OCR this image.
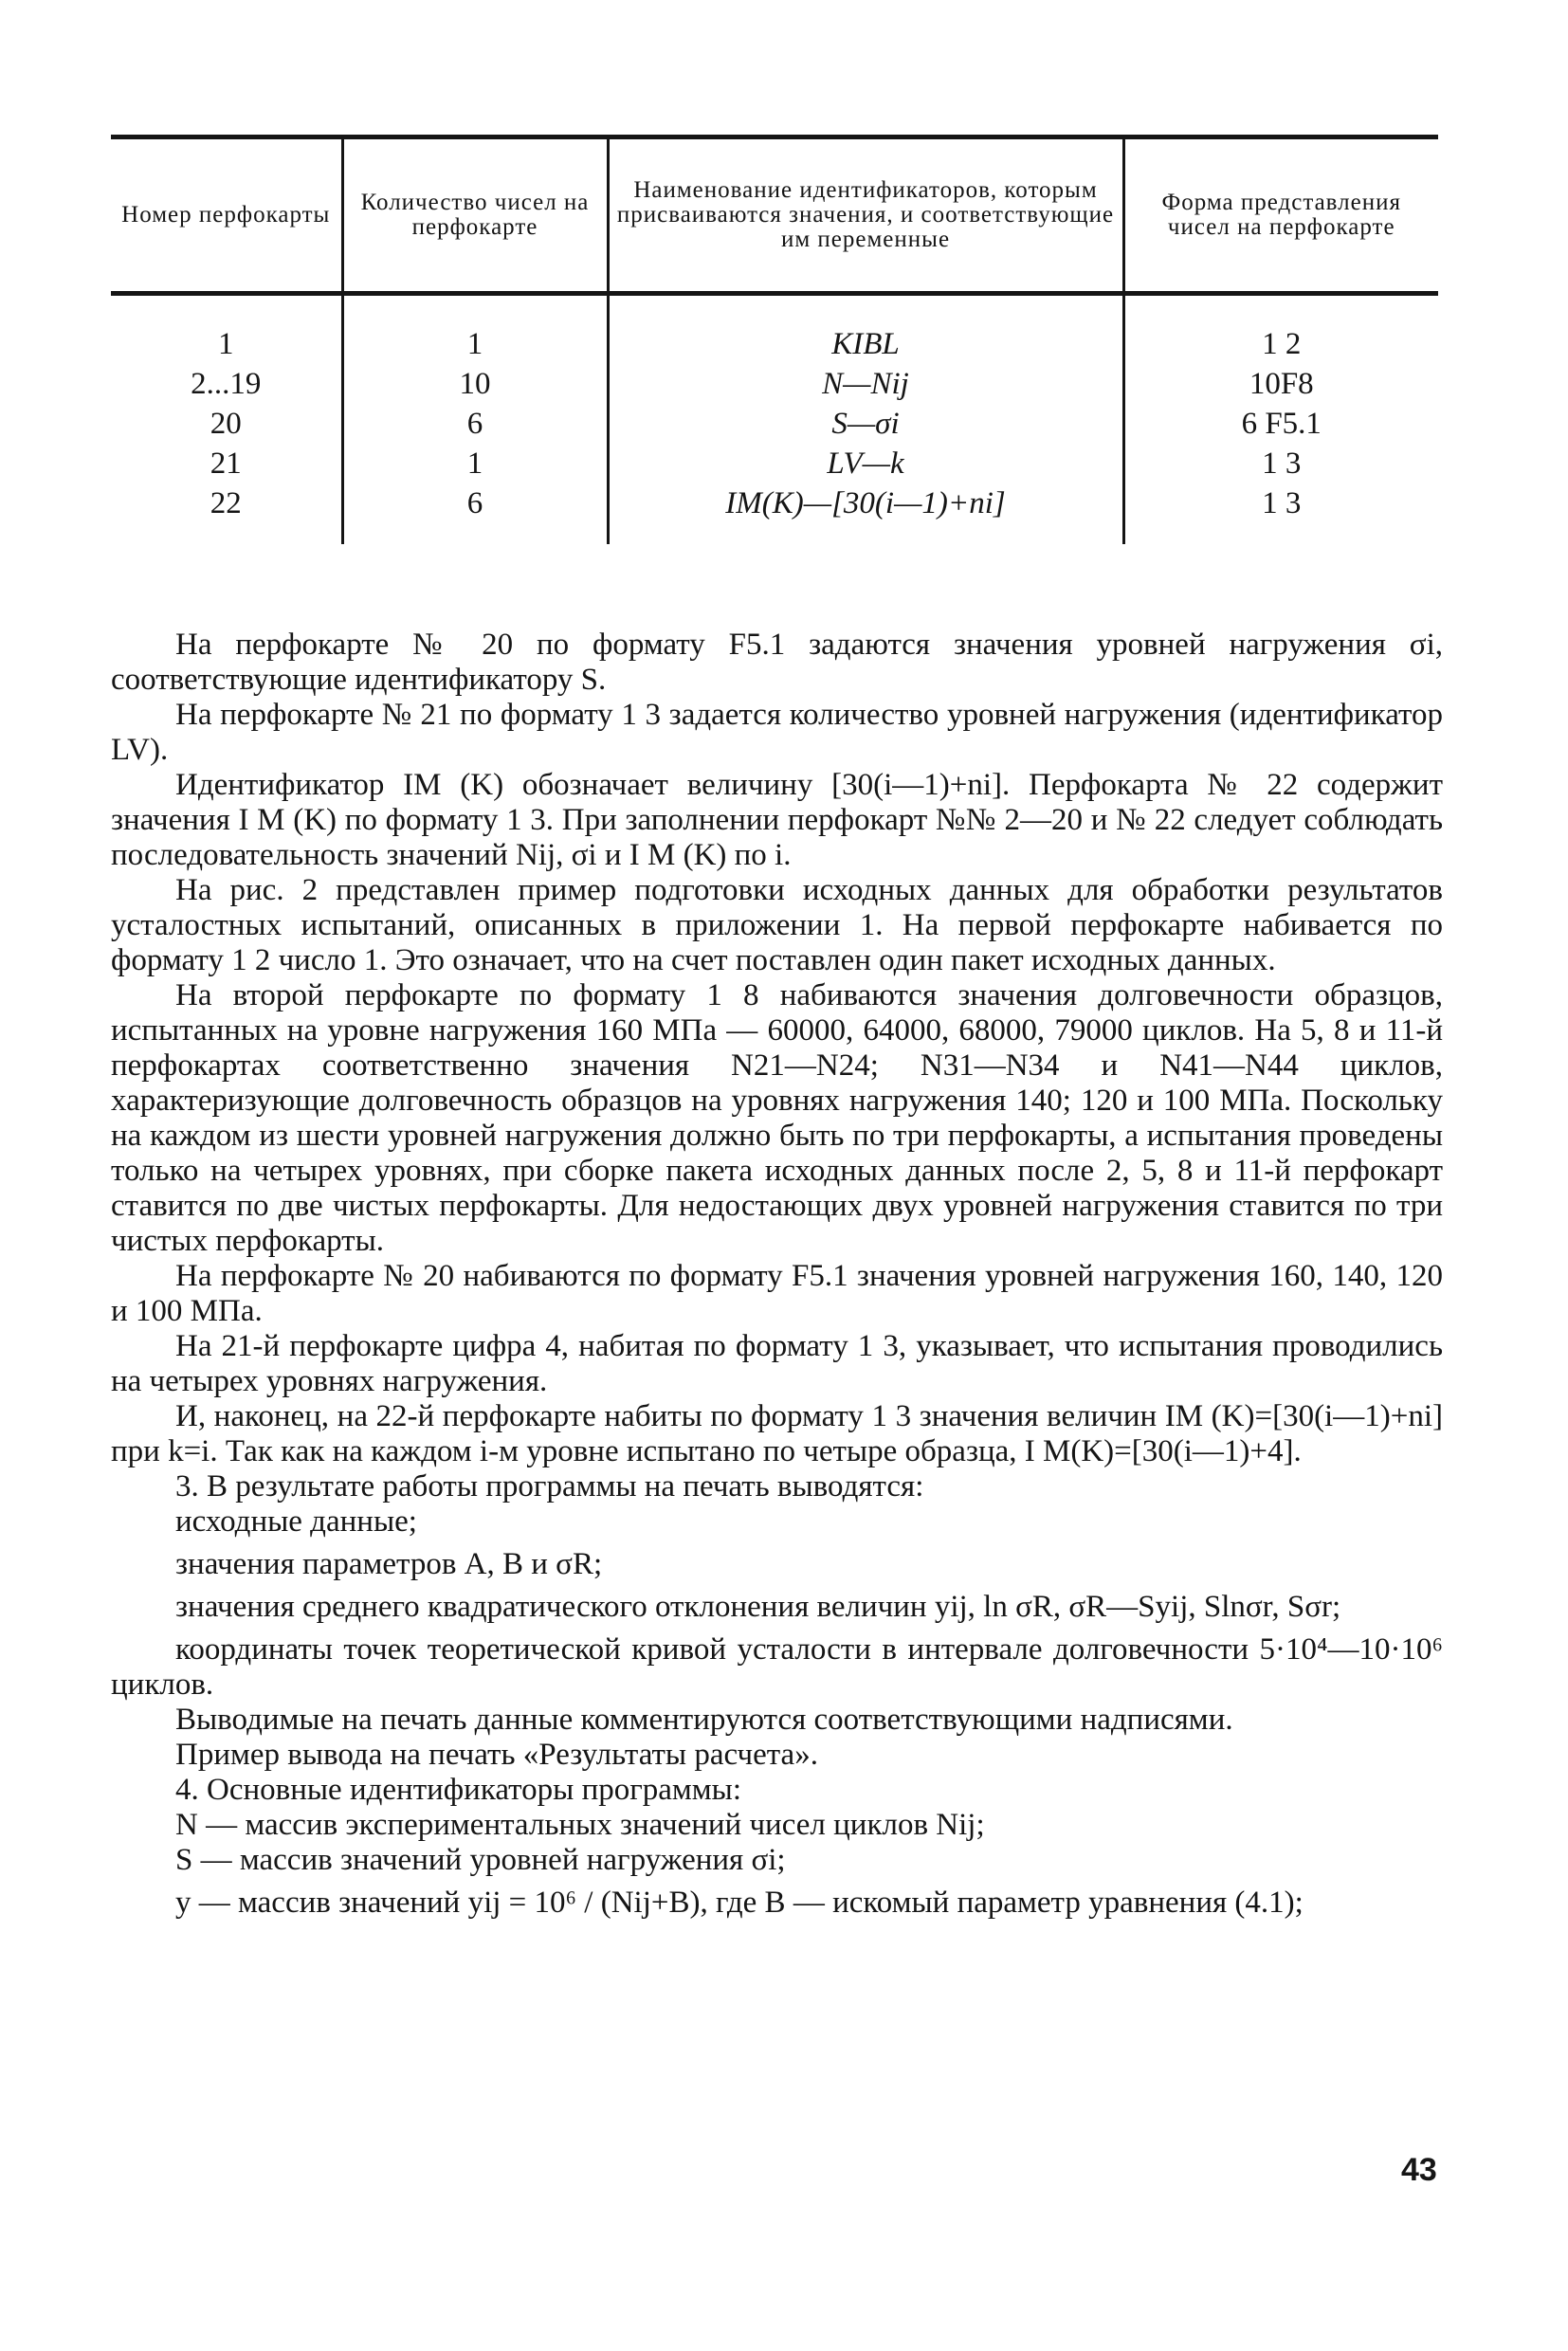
Номер перфокарты	Количество чисел на перфокарте	Наименование идентификаторов, которым присваиваются значения, и соответствующие им переменные	Форма представления чисел на перфокарте
1	1	KIBL	1 2
2...19	10	N—Nij	10F8
20	6	S—σi	6 F5.1
21	1	LV—k	1 3
22	6	IM(K)—[30(i—1)+ni]	1 3

На перфокарте № 20 по формату F5.1 задаются значения уровней нагружения σi, соответствующие идентификатору S.

На перфокарте № 21 по формату 1 3 задается количество уровней нагружения (идентификатор LV).

Идентификатор IM (K) обозначает величину [30(i—1)+ni]. Перфокарта № 22 содержит значения I M (K) по формату 1 3. При заполнении перфокарт №№ 2—20 и № 22 следует соблюдать последовательность значений Nij, σi и I M (K) по i.

На рис. 2 представлен пример подготовки исходных данных для обработки результатов усталостных испытаний, описанных в приложении 1. На первой перфокарте набивается по формату 1 2 число 1. Это означает, что на счет поставлен один пакет исходных данных.

На второй перфокарте по формату 1 8 набиваются значения долговечности образцов, испытанных на уровне нагружения 160 МПа — 60000, 64000, 68000, 79000 циклов. На 5, 8 и 11-й перфокартах соответственно значения N21—N24; N31—N34 и N41—N44 циклов, характеризующие долговечность образцов на уровнях нагружения 140; 120 и 100 МПа. Поскольку на каждом из шести уровней нагружения должно быть по три перфокарты, а испытания проведены только на четырех уровнях, при сборке пакета исходных данных после 2, 5, 8 и 11-й перфокарт ставится по две чистых перфокарты. Для недостающих двух уровней нагружения ставится по три чистых перфокарты.

На перфокарте № 20 набиваются по формату F5.1 значения уровней нагружения 160, 140, 120 и 100 МПа.

На 21-й перфокарте цифра 4, набитая по формату 1 3, указывает, что испытания проводились на четырех уровнях нагружения.

И, наконец, на 22-й перфокарте набиты по формату 1 3 значения величин IM (K)=[30(i—1)+ni] при k=i. Так как на каждом i-м уровне испытано по четыре образца, I M(K)=[30(i—1)+4].

3. В результате работы программы на печать выводятся:

исходные данные;

значения параметров A, B и σR;

значения среднего квадратического отклонения величин yij, ln σR, σR—Syij, Slnσr, Sσr;

координаты точек теоретической кривой усталости в интервале долговечности 5·10⁴—10·10⁶ циклов.

Выводимые на печать данные комментируются соответствующими надписями.

Пример вывода на печать «Результаты расчета».

4. Основные идентификаторы программы:

N — массив экспериментальных значений чисел циклов Nij;

S — массив значений уровней нагружения σi;

y — массив значений yij = 10⁶ / (Nij+B), где B — искомый параметр уравнения (4.1);

43
